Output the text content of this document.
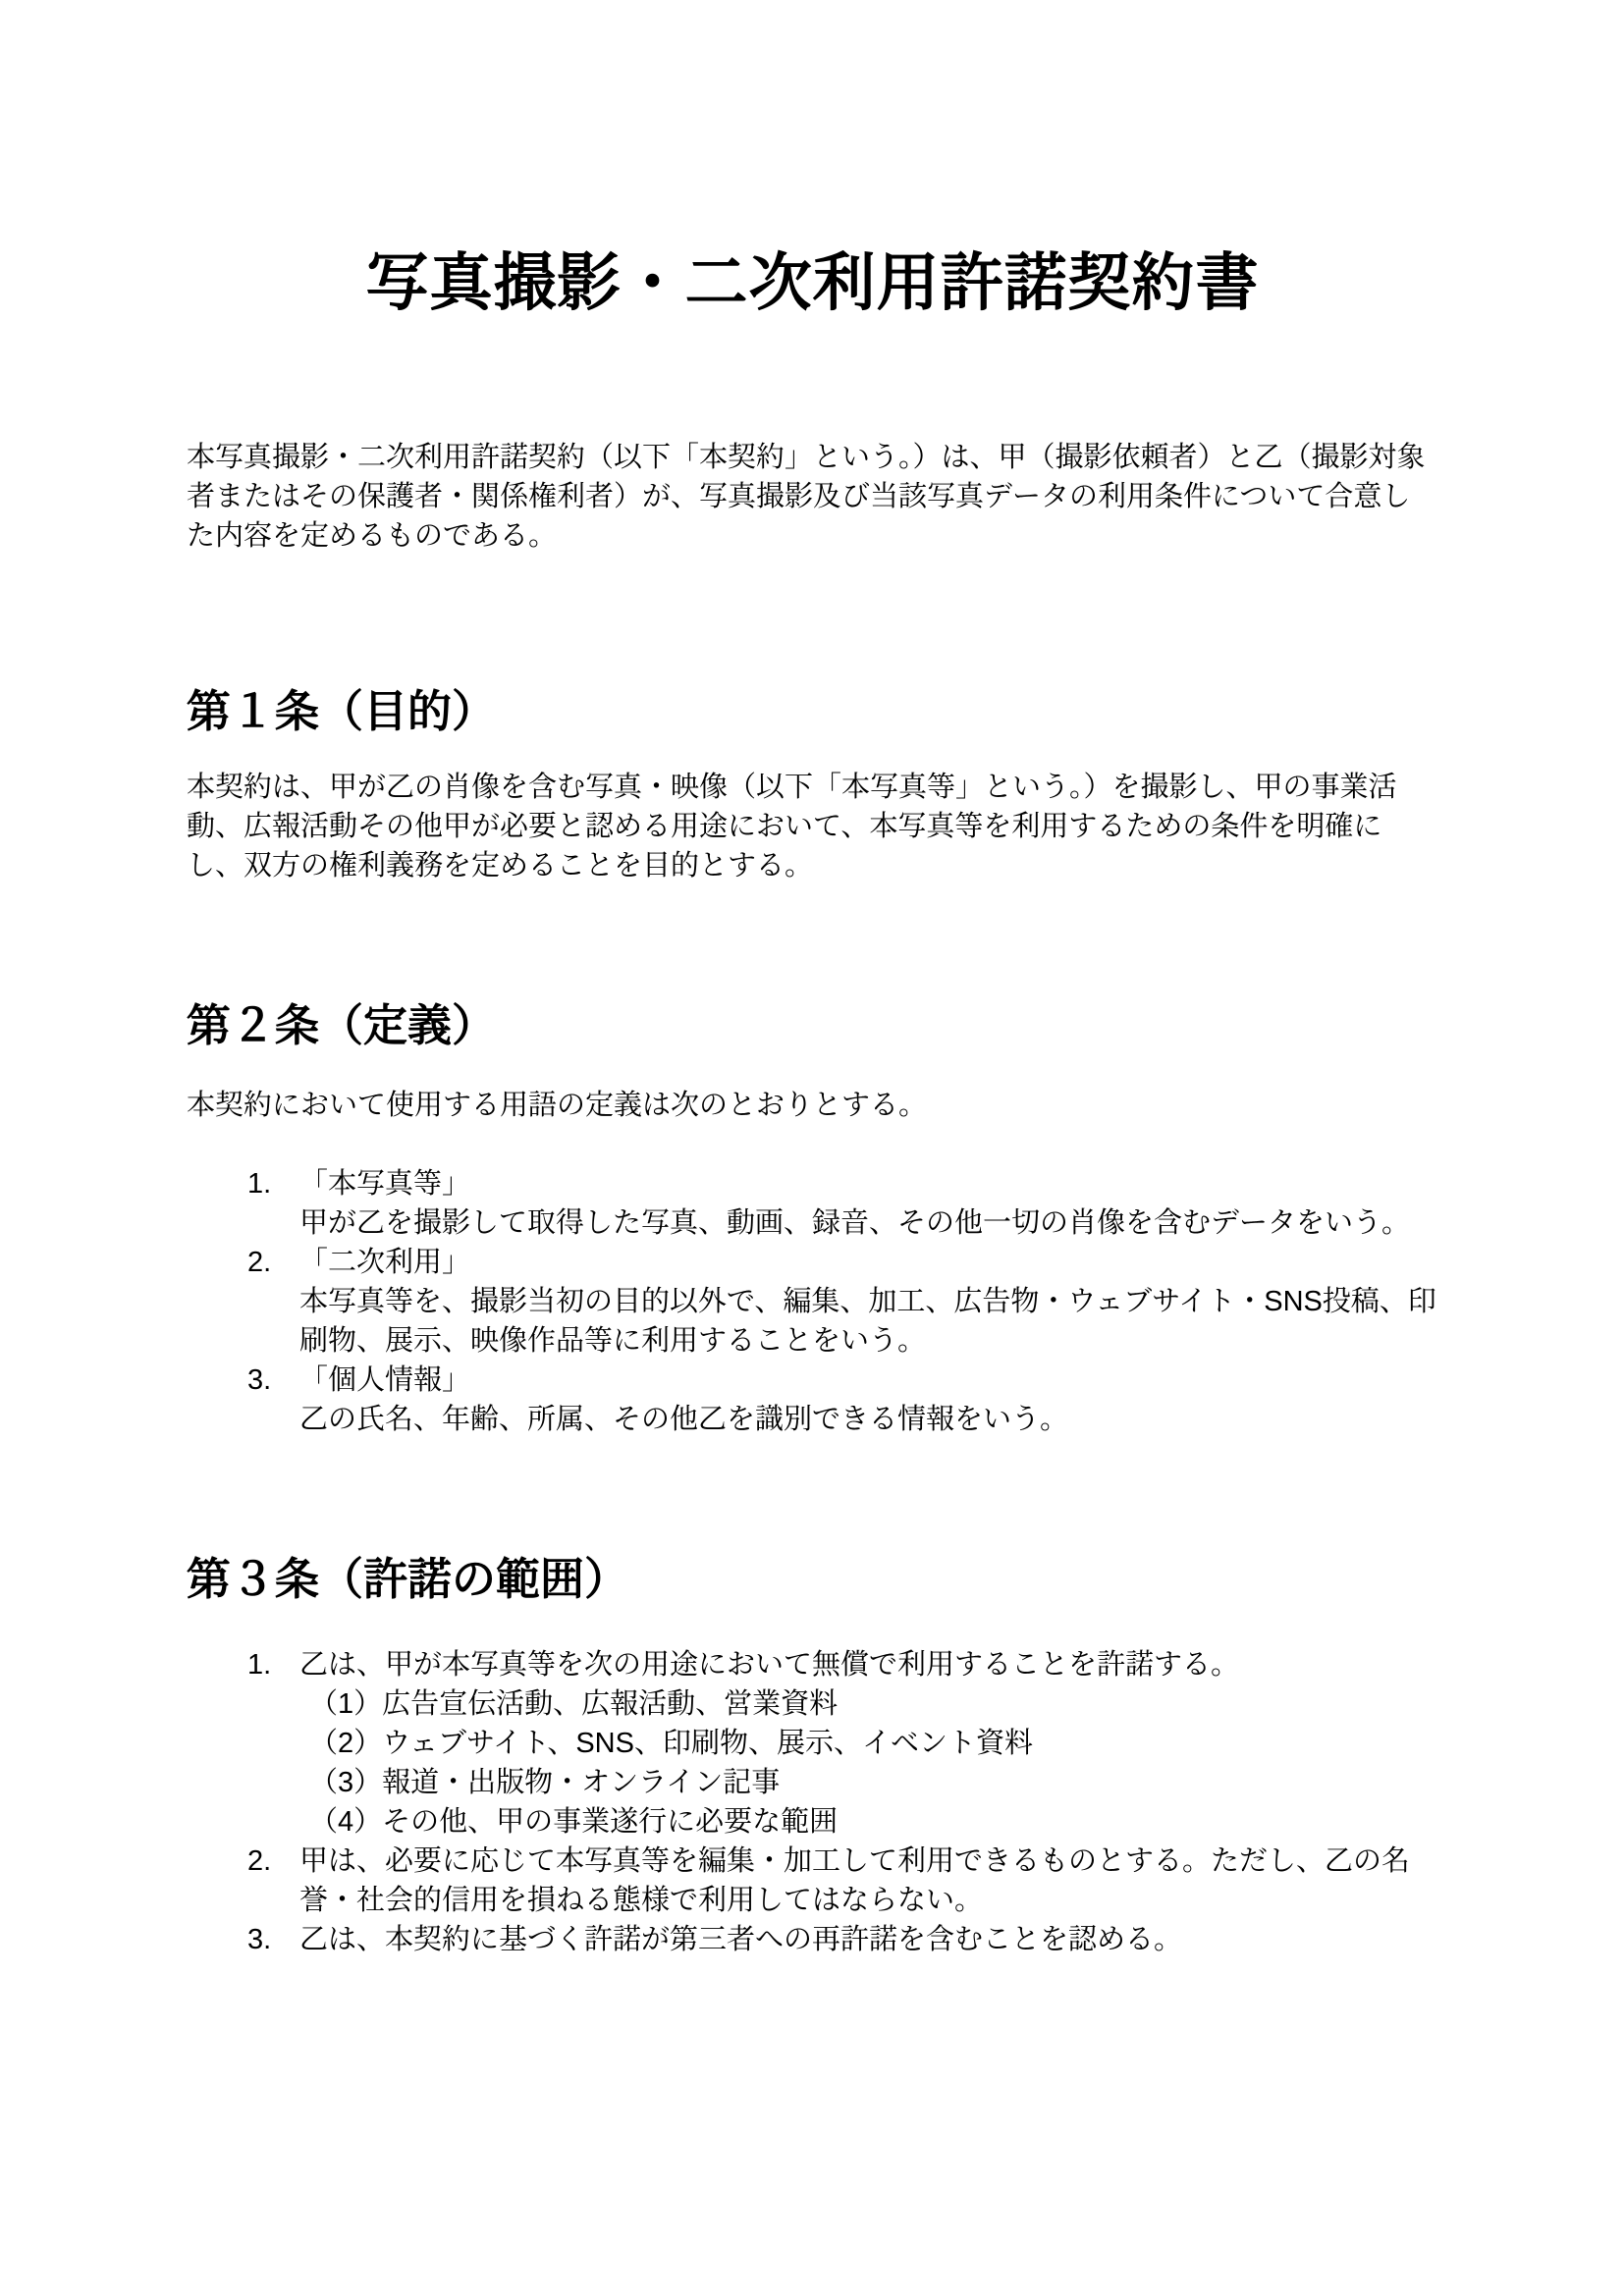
写真撮影・二次利用許諾契約書

本写真撮影・二次利用許諾契約（以下「本契約」という。）は、甲（撮影依頼者）と乙（撮影対象者またはその保護者・関係権利者）が、写真撮影及び当該写真データの利用条件について合意した内容を定めるものである。

第１条（目的）

本契約は、甲が乙の肖像を含む写真・映像（以下「本写真等」という。）を撮影し、甲の事業活動、広報活動その他甲が必要と認める用途において、本写真等を利用するための条件を明確にし、双方の権利義務を定めることを目的とする。

第２条（定義）

本契約において使用する用語の定義は次のとおりとする。

1. 「本写真等」
甲が乙を撮影して取得した写真、動画、録音、その他一切の肖像を含むデータをいう。
2. 「二次利用」
本写真等を、撮影当初の目的以外で、編集、加工、広告物・ウェブサイト・SNS投稿、印刷物、展示、映像作品等に利用することをいう。
3. 「個人情報」
乙の氏名、年齢、所属、その他乙を識別できる情報をいう。
第３条（許諾の範囲）
1. 乙は、甲が本写真等を次の用途において無償で利用することを許諾する。
（1） 広告宣伝活動、広報活動、営業資料
（2） ウェブサイト、SNS、印刷物、展示、イベント資料
（3） 報道・出版物・オンライン記事
（4） その他、甲の事業遂行に必要な範囲
2. 甲は、必要に応じて本写真等を編集・加工して利用できるものとする。ただし、乙の名誉・社会的信用を損ねる態様で利用してはならない。
3. 乙は、本契約に基づく許諾が第三者への再許諾を含むことを認める。
